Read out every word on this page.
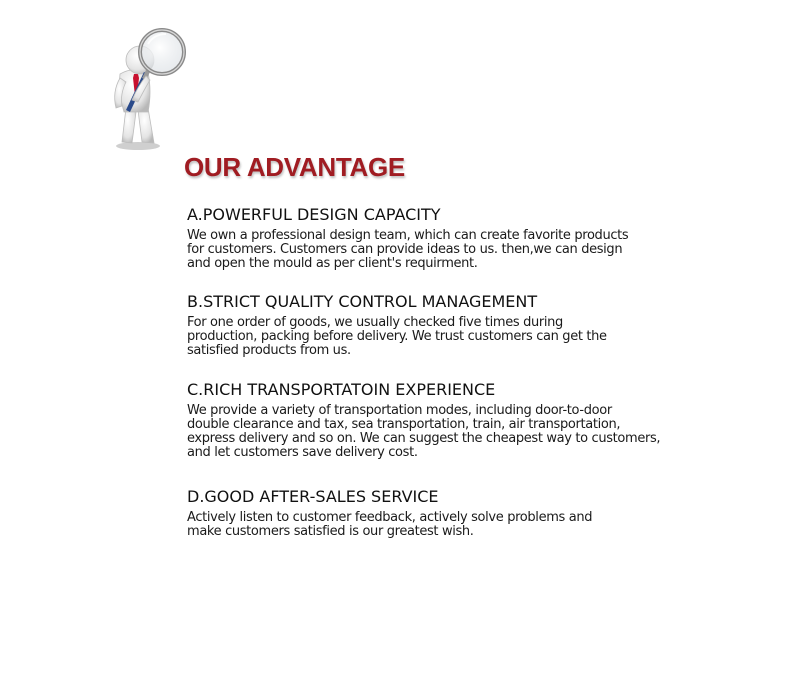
OUR ADVANTAGE
A.POWERFUL DESIGN CAPACITY

We own a professional design team, which can create favorite products
for customers. Customers can provide ideas to us. then,we can design
and open the mould as per client's requirment.

B.STRICT QUALITY CONTROL MANAGEMENT

For one order of goods, we usually checked five times during
production, packing before delivery. We trust customers can get the
satisfied products from us.

C.RICH TRANSPORTATOIN EXPERIENCE

We provide a variety of transportation modes, including door-to-door
double clearance and tax, sea transportation, train, air transportation,
express delivery and so on. We can suggest the cheapest way to customers,
and let customers save delivery cost.

D.GOOD AFTER-SALES SERVICE

Actively listen to customer feedback, actively solve problems and
make customers satisfied is our greatest wish.
